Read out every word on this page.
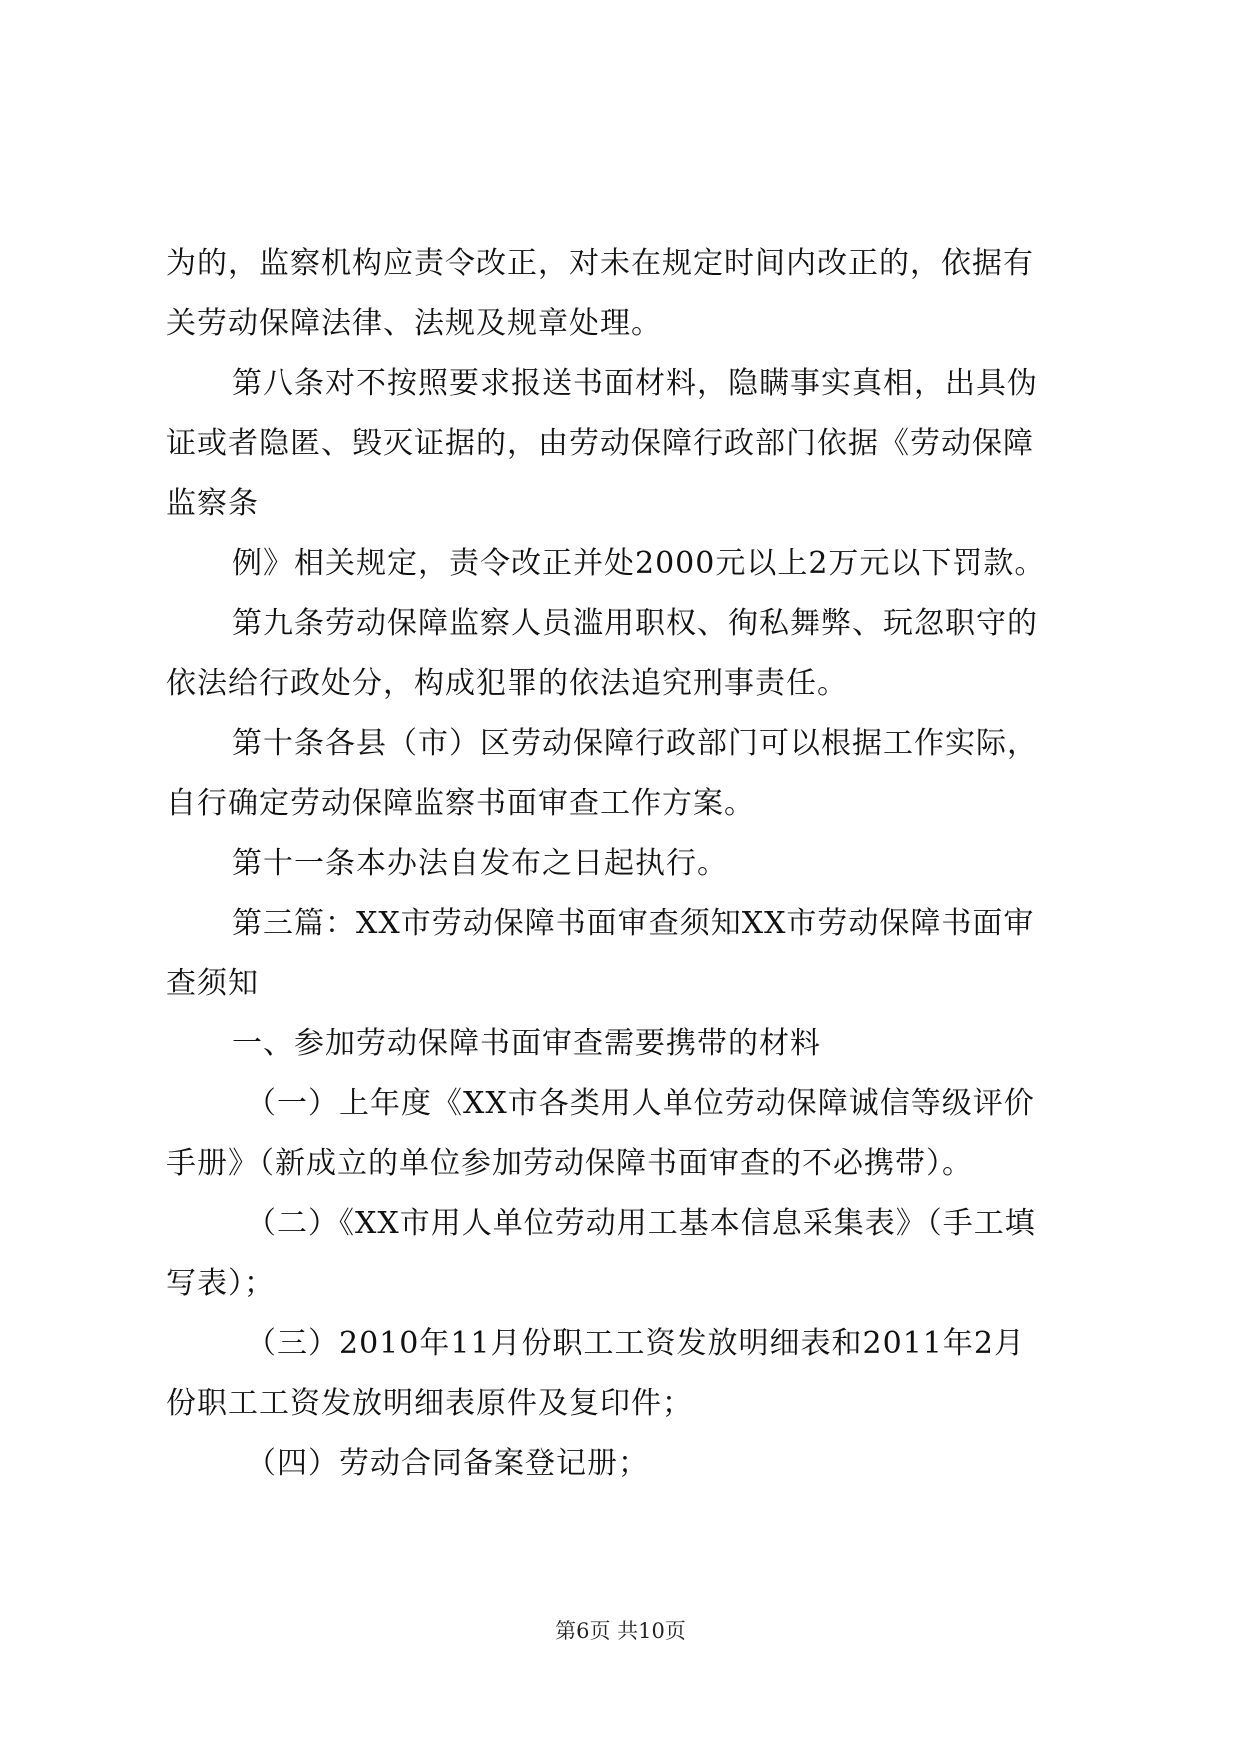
为的，监察机构应责令改正，对未在规定时间内改正的，依据有
关劳动保障法律、法规及规章处理。
第八条对不按照要求报送书面材料，隐瞒事实真相，出具伪
证或者隐匿、毁灭证据的，由劳动保障行政部门依据《劳动保障
监察条
例》相关规定，责令改正并处2000元以上2万元以下罚款。
第九条劳动保障监察人员滥用职权、徇私舞弊、玩忽职守的
依法给行政处分，构成犯罪的依法追究刑事责任。
第十条各县（市）区劳动保障行政部门可以根据工作实际，
自行确定劳动保障监察书面审查工作方案。
第十一条本办法自发布之日起执行。
第三篇：XX市劳动保障书面审查须知XX市劳动保障书面审
查须知
一、参加劳动保障书面审查需要携带的材料
（一）上年度《XX市各类用人单位劳动保障诚信等级评价
手册》（新成立的单位参加劳动保障书面审查的不必携带）。
（二）《XX市用人单位劳动用工基本信息采集表》（手工填
写表）；
（三）2010年11月份职工工资发放明细表和2011年2月
份职工工资发放明细表原件及复印件；
（四）劳动合同备案登记册；
第6页 共10页
